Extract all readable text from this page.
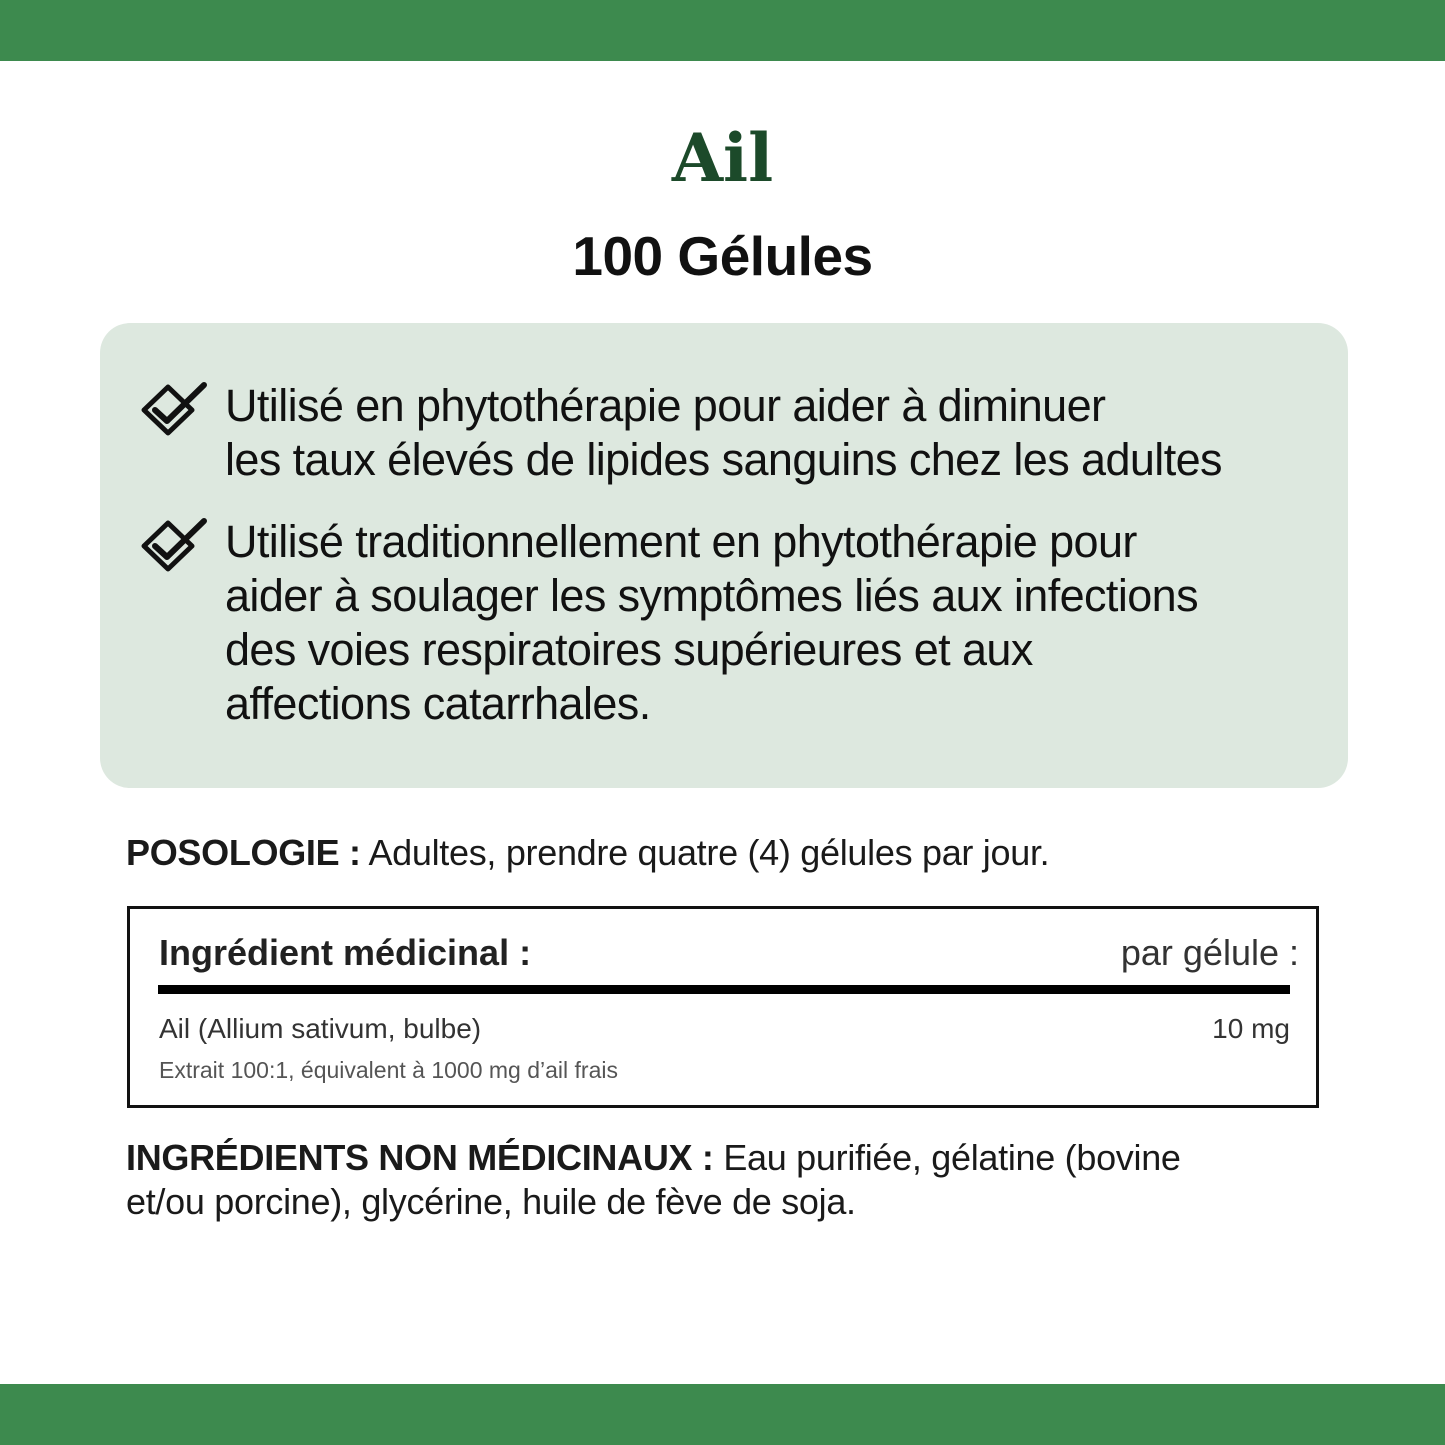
Ail
100 Gélules
Utilisé en phytothérapie pour aider à diminuer
les taux élevés de lipides sanguins chez les adultes
Utilisé traditionnellement en phytothérapie pour
aider à soulager les symptômes liés aux infections
des voies respiratoires supérieures et aux
affections catarrhales.
POSOLOGIE : Adultes, prendre quatre (4) gélules par jour.
Ingrédient médicinal :	par gélule :
Ail (Allium sativum, bulbe)	10 mg
Extrait 100:1, équivalent à 1000 mg d’ail frais
INGRÉDIENTS NON MÉDICINAUX : Eau purifiée, gélatine (bovine et/ou porcine), glycérine, huile de fève de soja.
